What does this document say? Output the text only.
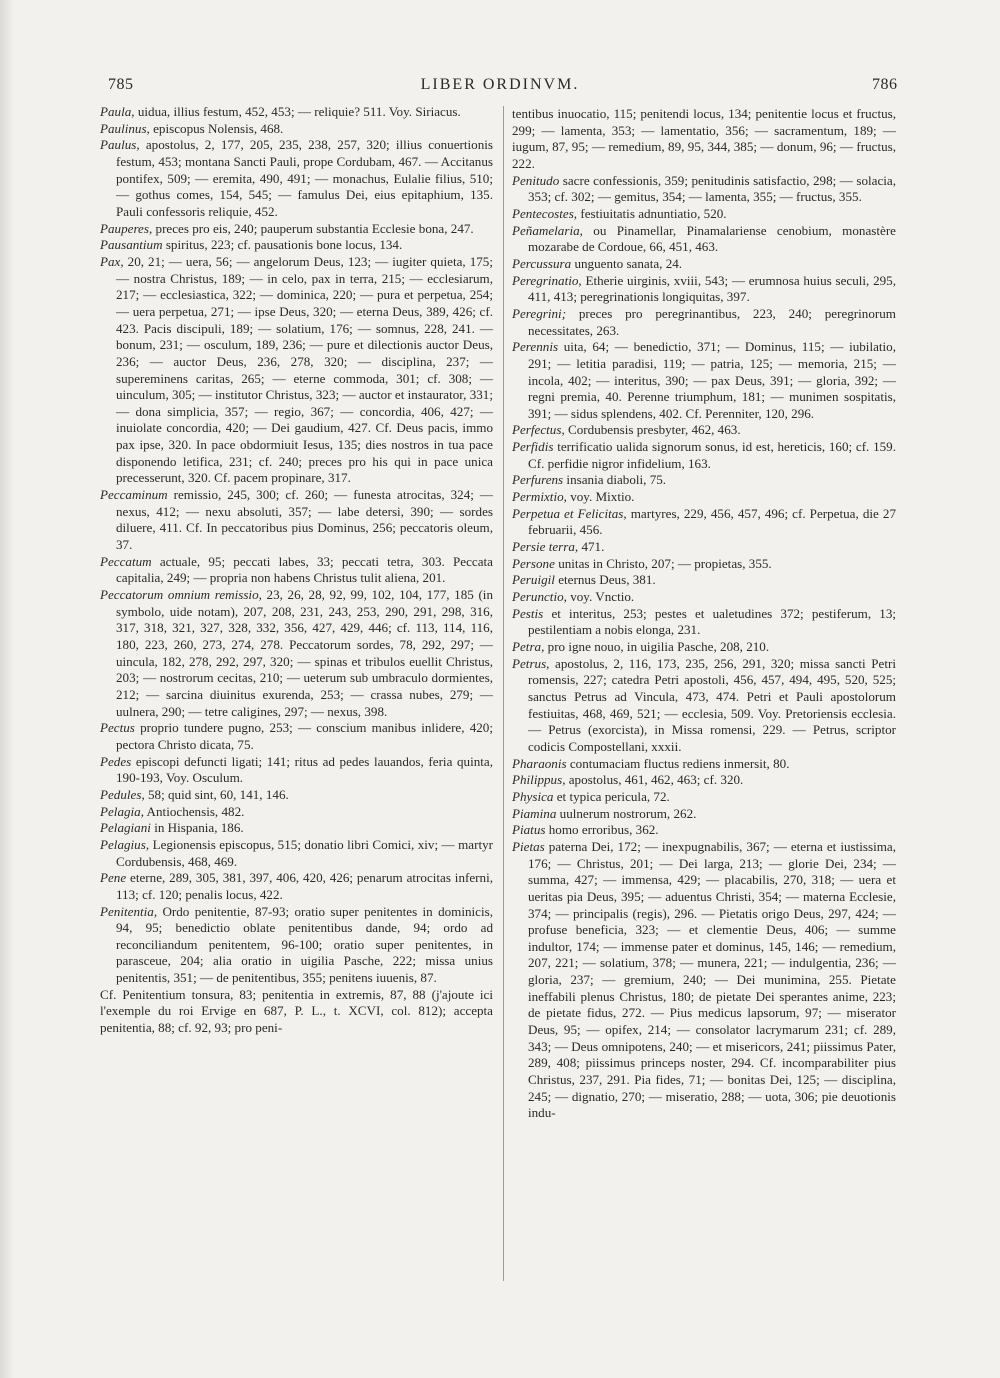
785	LIBER ORDINVM.	786

Paula, uidua, illius festum, 452, 453; — reliquie? 511. Voy. Siriacus.

Paulinus, episcopus Nolensis, 468.

Paulus, apostolus, 2, 177, 205, 235, 238, 257, 320; illius conuertionis festum, 453; montana Sancti Pauli, prope Cordubam, 467. — Accitanus pontifex, 509; — eremita, 490, 491; — monachus, Eulalie filius, 510; — gothus comes, 154, 545; — famulus Dei, eius epitaphium, 135. Pauli confessoris reliquie, 452.

Pauperes, preces pro eis, 240; pauperum substantia Ecclesie bona, 247.

Pausantium spiritus, 223; cf. pausationis bone locus, 134.

Pax, 20, 21; — uera, 56; — angelorum Deus, 123; — iugiter quieta, 175; — nostra Christus, 189; — in celo, pax in terra, 215; — ecclesiarum, 217; — ecclesiastica, 322; — dominica, 220; — pura et perpetua, 254; — uera perpetua, 271; — ipse Deus, 320; — eterna Deus, 389, 426; cf. 423. Pacis discipuli, 189; — solatium, 176; — somnus, 228, 241. — bonum, 231; — osculum, 189, 236; — pure et dilectionis auctor Deus, 236; — auctor Deus, 236, 278, 320; — disciplina, 237; — supereminens caritas, 265; — eterne commoda, 301; cf. 308; — uinculum, 305; — institutor Christus, 323; — auctor et instaurator, 331; — dona simplicia, 357; — regio, 367; — concordia, 406, 427; — inuiolate concordia, 420; — Dei gaudium, 427. Cf. Deus pacis, immo pax ipse, 320. In pace obdormiuit Iesus, 135; dies nostros in tua pace disponendo letifica, 231; cf. 240; preces pro his qui in pace unica precesserunt, 320. Cf. pacem propinare, 317.

Peccaminum remissio, 245, 300; cf. 260; — funesta atrocitas, 324; — nexus, 412; — nexu absoluti, 357; — labe detersi, 390; — sordes diluere, 411. Cf. In peccatoribus pius Dominus, 256; peccatoris oleum, 37.

Peccatum actuale, 95; peccati labes, 33; peccati tetra, 303. Peccata capitalia, 249; — propria non habens Christus tulit aliena, 201.

Peccatorum omnium remissio, 23, 26, 28, 92, 99, 102, 104, 177, 185 (in symbolo, uide notam), 207, 208, 231, 243, 253, 290, 291, 298, 316, 317, 318, 321, 327, 328, 332, 356, 427, 429, 446; cf. 113, 114, 116, 180, 223, 260, 273, 274, 278. Peccatorum sordes, 78, 292, 297; — uincula, 182, 278, 292, 297, 320; — spinas et tribulos euellit Christus, 203; — nostrorum cecitas, 210; — ueterum sub umbraculo dormientes, 212; — sarcina diuinitus exurenda, 253; — crassa nubes, 279; — uulnera, 290; — tetre caligines, 297; — nexus, 398.

Pectus proprio tundere pugno, 253; — conscium manibus inlidere, 420; pectora Christo dicata, 75.

Pedes episcopi defuncti ligati; 141; ritus ad pedes lauandos, feria quinta, 190-193, Voy. Osculum.

Pedules, 58; quid sint, 60, 141, 146.

Pelagia, Antiochensis, 482.

Pelagiani in Hispania, 186.

Pelagius, Legionensis episcopus, 515; donatio libri Comici, xiv; — martyr Cordubensis, 468, 469.

Pene eterne, 289, 305, 381, 397, 406, 420, 426; penarum atrocitas inferni, 113; cf. 120; penalis locus, 422.

Penitentia, Ordo penitentie, 87-93; oratio super penitentes in dominicis, 94, 95; benedictio oblate penitentibus dande, 94; ordo ad reconciliandum penitentem, 96-100; oratio super penitentes, in parasceue, 204; alia oratio in uigilia Pasche, 222; missa unius penitentis, 351; — de penitentibus, 355; penitens iuuenis, 87.

Cf. Penitentium tonsura, 83; penitentia in extremis, 87, 88 (j'ajoute ici l'exemple du roi Ervige en 687, P. L., t. XCVI, col. 812); accepta penitentia, 88; cf. 92, 93; pro peni-

tentibus inuocatio, 115; penitendi locus, 134; penitentie locus et fructus, 299; — lamenta, 353; — lamentatio, 356; — sacramentum, 189; — iugum, 87, 95; — remedium, 89, 95, 344, 385; — donum, 96; — fructus, 222.

Penitudo sacre confessionis, 359; penitudinis satisfactio, 298; — solacia, 353; cf. 302; — gemitus, 354; — lamenta, 355; — fructus, 355.

Pentecostes, festiuitatis adnuntiatio, 520.

Peñamelaria, ou Pinamellar, Pinamalariense cenobium, monastère mozarabe de Cordoue, 66, 451, 463.

Percussura unguento sanata, 24.

Peregrinatio, Etherie uirginis, xviii, 543; — erumnosa huius seculi, 295, 411, 413; peregrinationis longiquitas, 397.

Peregrini; preces pro peregrinantibus, 223, 240; peregrinorum necessitates, 263.

Perennis uita, 64; — benedictio, 371; — Dominus, 115; — iubilatio, 291; — letitia paradisi, 119; — patria, 125; — memoria, 215; — incola, 402; — interitus, 390; — pax Deus, 391; — gloria, 392; — regni premia, 40. Perenne triumphum, 181; — munimen sospitatis, 391; — sidus splendens, 402. Cf. Perenniter, 120, 296.

Perfectus, Cordubensis presbyter, 462, 463.

Perfidis terrificatio ualida signorum sonus, id est, hereticis, 160; cf. 159. Cf. perfidie nigror infidelium, 163.

Perfurens insania diaboli, 75.

Permixtio, voy. Mixtio.

Perpetua et Felicitas, martyres, 229, 456, 457, 496; cf. Perpetua, die 27 februarii, 456.

Persie terra, 471.

Persone unitas in Christo, 207; — propietas, 355.

Peruigil eternus Deus, 381.

Perunctio, voy. Vnctio.

Pestis et interitus, 253; pestes et ualetudines 372; pestiferum, 13; pestilentiam a nobis elonga, 231.

Petra, pro igne nouo, in uigilia Pasche, 208, 210.

Petrus, apostolus, 2, 116, 173, 235, 256, 291, 320; missa sancti Petri romensis, 227; catedra Petri apostoli, 456, 457, 494, 495, 520, 525; sanctus Petrus ad Vincula, 473, 474. Petri et Pauli apostolorum festiuitas, 468, 469, 521; — ecclesia, 509. Voy. Pretoriensis ecclesia. — Petrus (exorcista), in Missa romensi, 229. — Petrus, scriptor codicis Compostellani, xxxii.

Pharaonis contumaciam fluctus rediens inmersit, 80.

Philippus, apostolus, 461, 462, 463; cf. 320.

Physica et typica pericula, 72.

Piamina uulnerum nostrorum, 262.

Piatus homo erroribus, 362.

Pietas paterna Dei, 172; — inexpugnabilis, 367; — eterna et iustissima, 176; — Christus, 201; — Dei larga, 213; — glorie Dei, 234; — summa, 427; — immensa, 429; — placabilis, 270, 318; — uera et ueritas pia Deus, 395; — aduentus Christi, 354; — materna Ecclesie, 374; — principalis (regis), 296. — Pietatis origo Deus, 297, 424; — profuse beneficia, 323; — et clementie Deus, 406; — summe indultor, 174; — immense pater et dominus, 145, 146; — remedium, 207, 221; — solatium, 378; — munera, 221; — indulgentia, 236; — gloria, 237; — gremium, 240; — Dei munimina, 255. Pietate ineffabili plenus Christus, 180; de pietate Dei sperantes anime, 223; de pietate fidus, 272. — Pius medicus lapsorum, 97; — miserator Deus, 95; — opifex, 214; — consolator lacrymarum 231; cf. 289, 343; — Deus omnipotens, 240; — et misericors, 241; piissimus Pater, 289, 408; piissimus princeps noster, 294. Cf. incomparabiliter pius Christus, 237, 291. Pia fides, 71; — bonitas Dei, 125; — disciplina, 245; — dignatio, 270; — miseratio, 288; — uota, 306; pie deuotionis indu-
